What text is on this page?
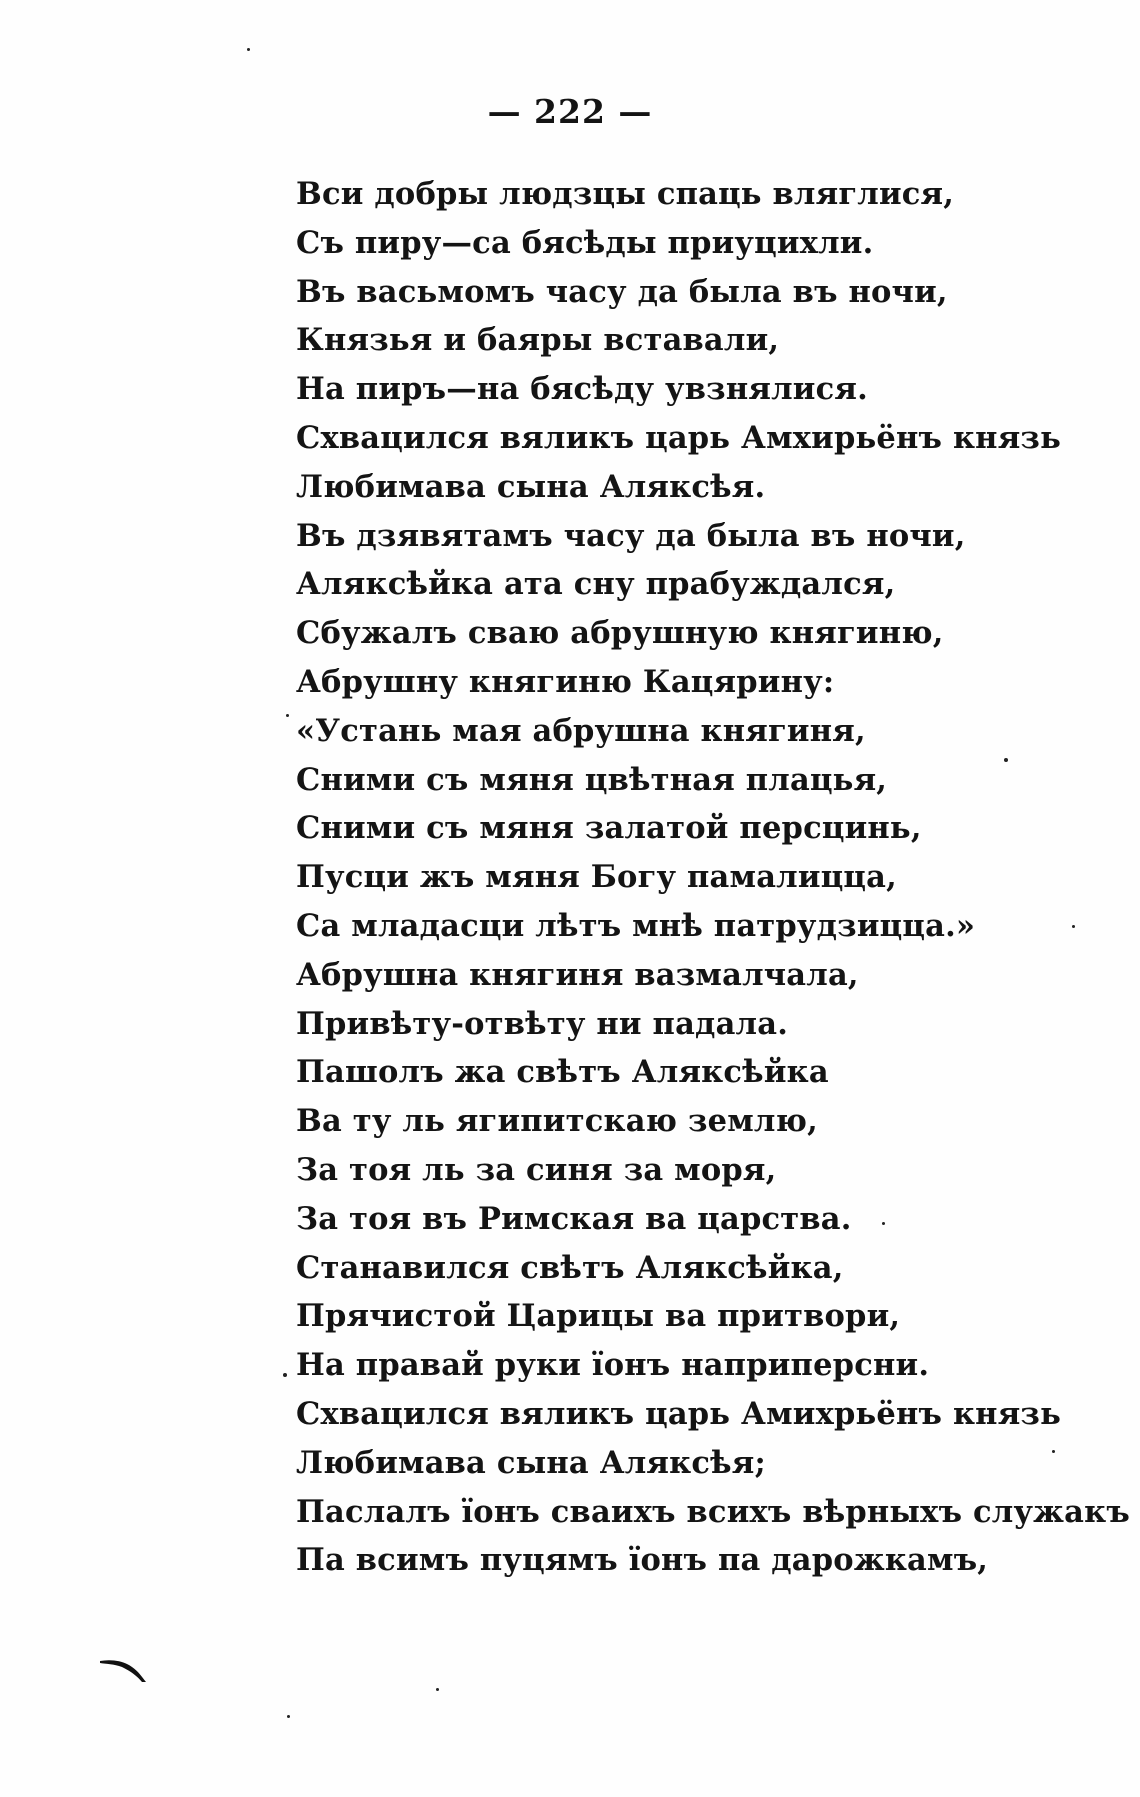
— 222 —
Вси добры людзцы спаць вляглися,
Съ пиру—са бясѣды приуцихли.
Въ васьмомъ часу да была въ ночи,
Князья и баяры вставали,
На пиръ—на бясѣду увзнялися.
Схвацился вяликъ царь Амхирьёнъ князь
Любимава сына Аляксѣя.
Въ дзявятамъ часу да была въ ночи,
Аляксѣйка ата сну прабуждался,
Сбужалъ сваю абрушную княгиню,
Абрушну княгиню Кацярину:
«Устань мая абрушна княгиня,
Сними съ мяня цвѣтная плацья,
Сними съ мяня залатой персцинь,
Пусци жъ мяня Богу памалицца,
Са младасци лѣтъ мнѣ патрудзицца.»
Абрушна княгиня вазмалчала,
Привѣту-отвѣту ни падала.
Пашолъ жа свѣтъ Аляксѣйка
Ва ту ль ягипитскаю землю,
За тоя ль за синя за моря,
За тоя въ Римская ва царства.
Станавился свѣтъ Аляксѣйка,
Прячистой Царицы ва притвори,
На правай руки їонъ наприперсни.
Схвацился вяликъ царь Амихрьёнъ князь
Любимава сына Аляксѣя;
Паслалъ їонъ сваихъ всихъ вѣрныхъ служакъ
Па всимъ пуцямъ їонъ па дарожкамъ,
